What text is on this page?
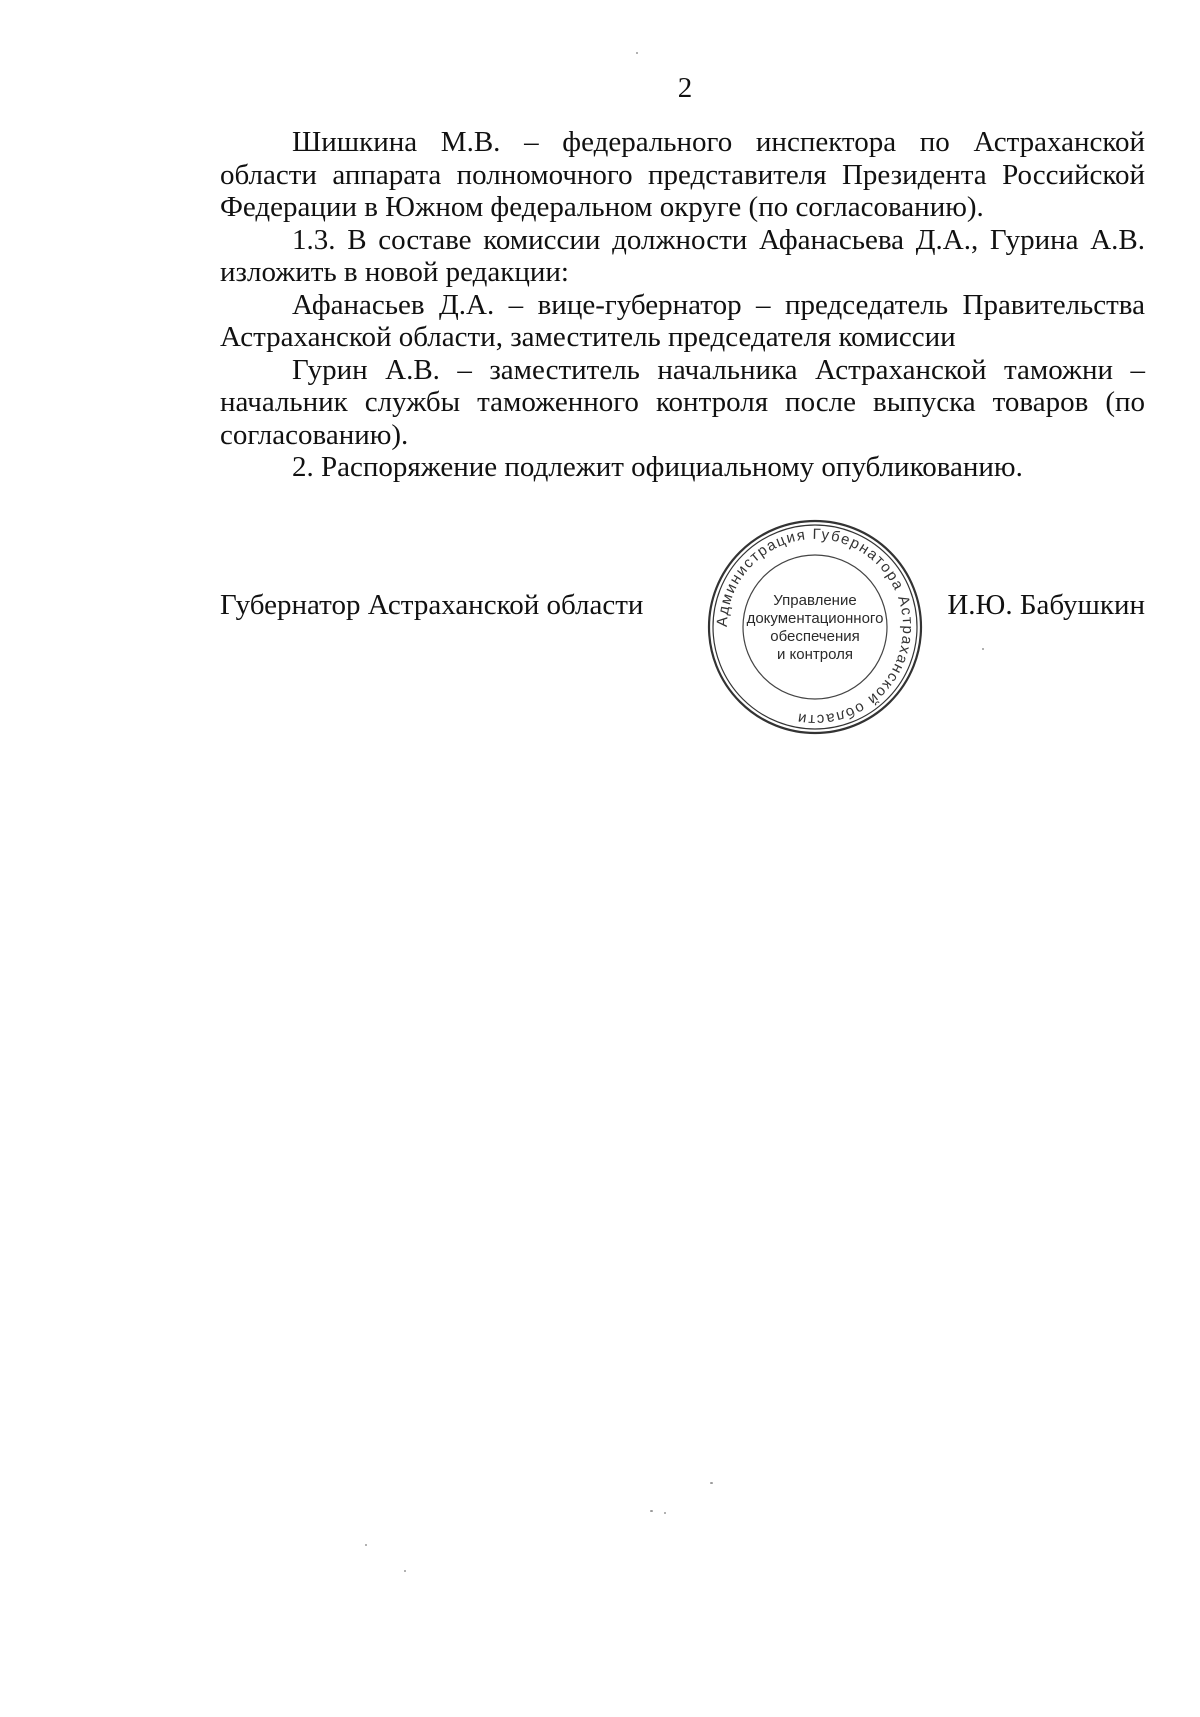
2

Шишкина М.В. – федерального инспектора по Астраханской области аппарата полномочного представителя Президента Российской Федерации в Южном федеральном округе (по согласованию).

1.3. В составе комиссии должности Афанасьева Д.А., Гурина А.В. изложить в новой редакции:

Афанасьев Д.А. – вице-губернатор – председатель Правительства Астраханской области, заместитель председателя комиссии

Гурин А.В. – заместитель начальника Астраханской таможни – начальник службы таможенного контроля после выпуска товаров (по согласованию).

2. Распоряжение подлежит официальному опубликованию.

Губернатор Астраханской области	И.Ю. Бабушкин
Администрация Губернатора Астраханской области
Управление
документационного
обеспечения
и контроля
